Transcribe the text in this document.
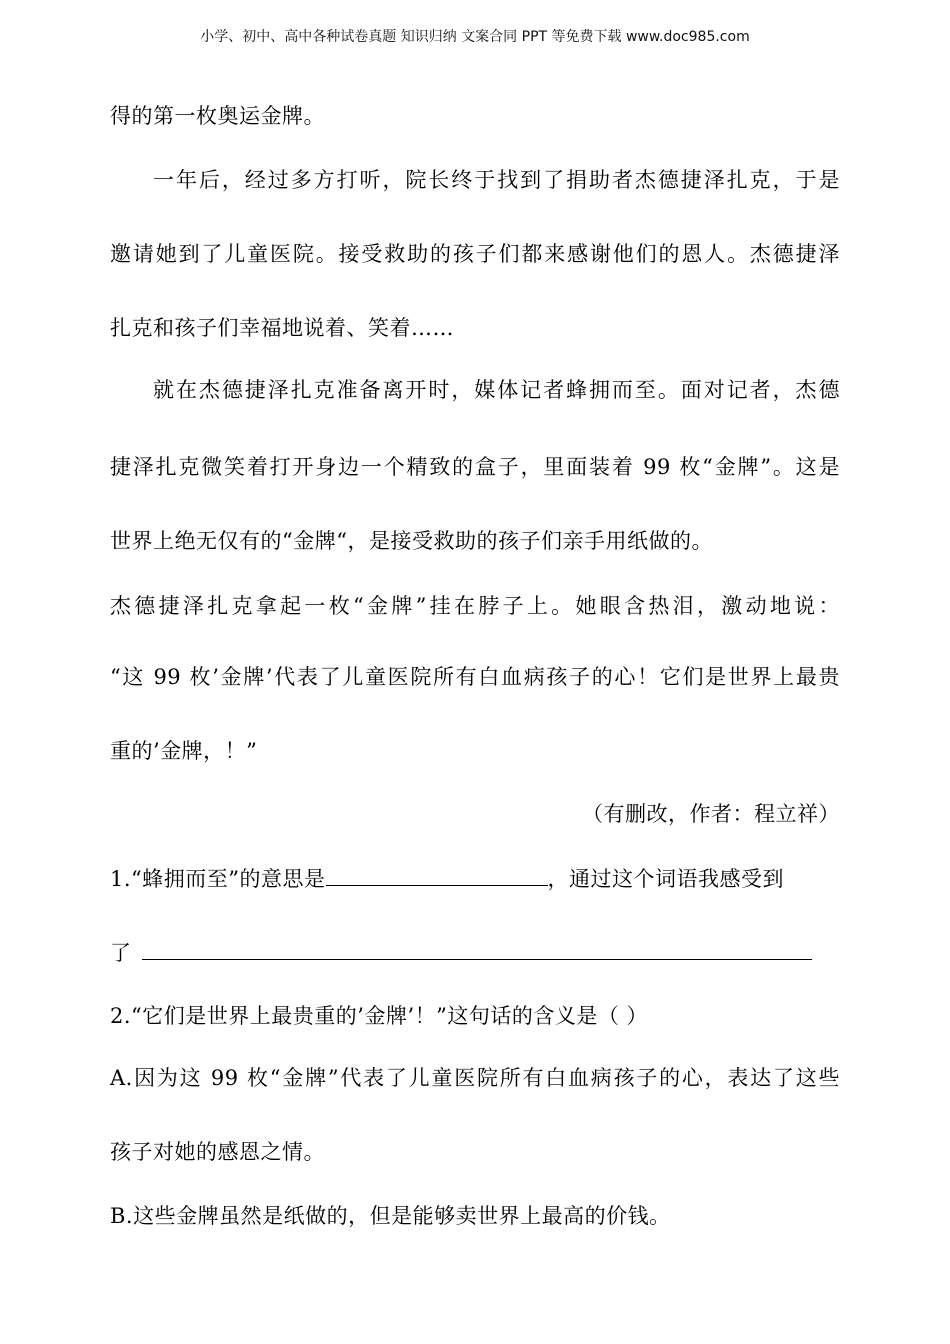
小学、初中、高中各种试卷真题 知识归纳 文案合同 PPT 等免费下载 www.doc985.com
得的第一枚奥运金牌。
一年后，经过多方打听，院长终于找到了捐助者杰德捷泽扎克，于是
邀请她到了儿童医院。接受救助的孩子们都来感谢他们的恩人。杰德捷泽
扎克和孩子们幸福地说着、笑着……
就在杰德捷泽扎克准备离开时，媒体记者蜂拥而至。面对记者，杰德
捷泽扎克微笑着打开身边一个精致的盒子，里面装着 99 枚“金牌”。这是
世界上绝无仅有的“金牌“，是接受救助的孩子们亲手用纸做的。
杰德捷泽扎克拿起一枚“金牌”挂在脖子上。她眼含热泪，激动地说：
“这 99 枚’金牌’代表了儿童医院所有白血病孩子的心！它们是世界上最贵
重的’金牌，！”
（有删改，作者：程立祥）
1.“蜂拥而至”的意思是	，通过这个词语我感受到
了
2.“它们是世界上最贵重的’金牌’！”这句话的含义是（ ）
A.因为这 99 枚“金牌”代表了儿童医院所有白血病孩子的心，表达了这些
孩子对她的感恩之情。
B.这些金牌虽然是纸做的，但是能够卖世界上最高的价钱。
